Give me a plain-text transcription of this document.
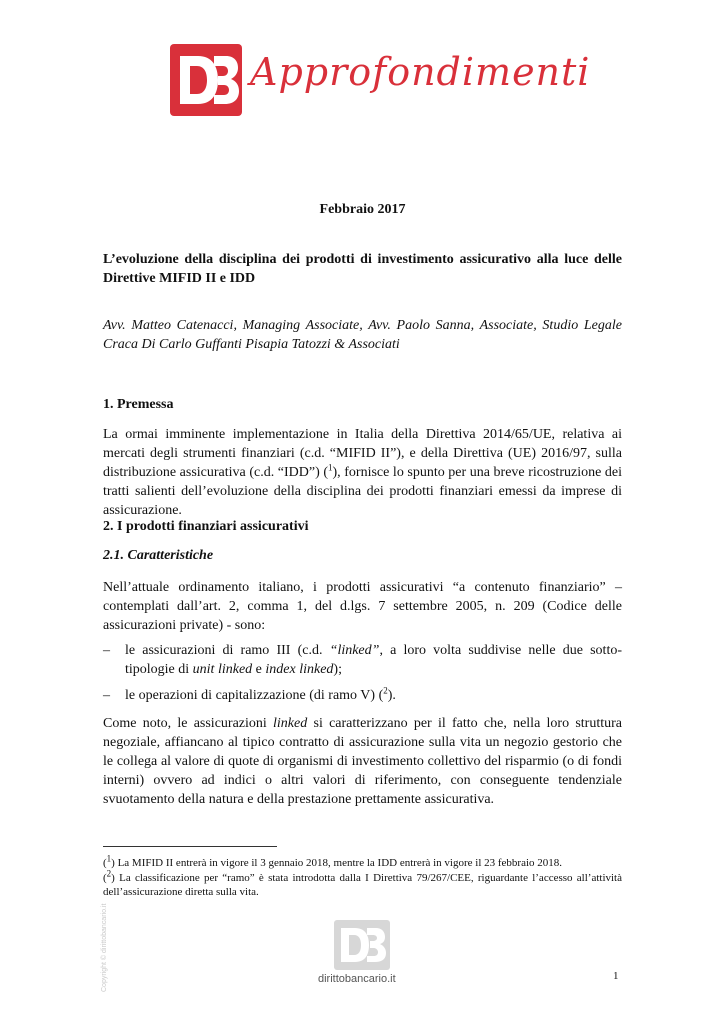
Approfondimenti
Febbraio 2017
L’evoluzione della disciplina dei prodotti di investimento assicurativo alla luce delle Direttive MIFID II e IDD
Avv. Matteo Catenacci, Managing Associate, Avv. Paolo Sanna, Associate, Studio Legale Craca Di Carlo Guffanti Pisapia Tatozzi & Associati
1. Premessa
La ormai imminente implementazione in Italia della Direttiva 2014/65/UE, relativa ai mercati degli strumenti finanziari (c.d. “MIFID II”), e della Direttiva (UE) 2016/97, sulla distribuzione assicurativa (c.d. “IDD”) ($^1$), fornisce lo spunto per una breve ricostruzione dei tratti salienti dell’evoluzione della disciplina dei prodotti finanziari emessi da imprese di assicurazione.
2. I prodotti finanziari assicurativi
2.1. Caratteristiche
Nell’attuale ordinamento italiano, i prodotti assicurativi “a contenuto finanziario” – contemplati dall’art. 2, comma 1, del d.lgs. 7 settembre 2005, n. 209 (Codice delle assicurazioni private) - sono:
– le assicurazioni di ramo III (c.d. “linked”, a loro volta suddivise nelle due sotto-tipologie di unit linked e index linked);
– le operazioni di capitalizzazione (di ramo V) ($^2$).
Come noto, le assicurazioni linked si caratterizzano per il fatto che, nella loro struttura negoziale, affiancano al tipico contratto di assicurazione sulla vita un negozio gestorio che le collega al valore di quote di organismi di investimento collettivo del risparmio (o di fondi interni) ovvero ad indici o altri valori di riferimento, con conseguente tendenziale svuotamento della natura e della prestazione prettamente assicurativa.
($^1$) La MIFID II entrerà in vigore il 3 gennaio 2018, mentre la IDD entrerà in vigore il 23 febbraio 2018.
($^2$) La classificazione per “ramo” è stata introdotta dalla I Direttiva 79/267/CEE, riguardante l’accesso all’attività dell’assicurazione diretta sulla vita.
Copyright © dirittobancario.it	dirittobancario.it	1
